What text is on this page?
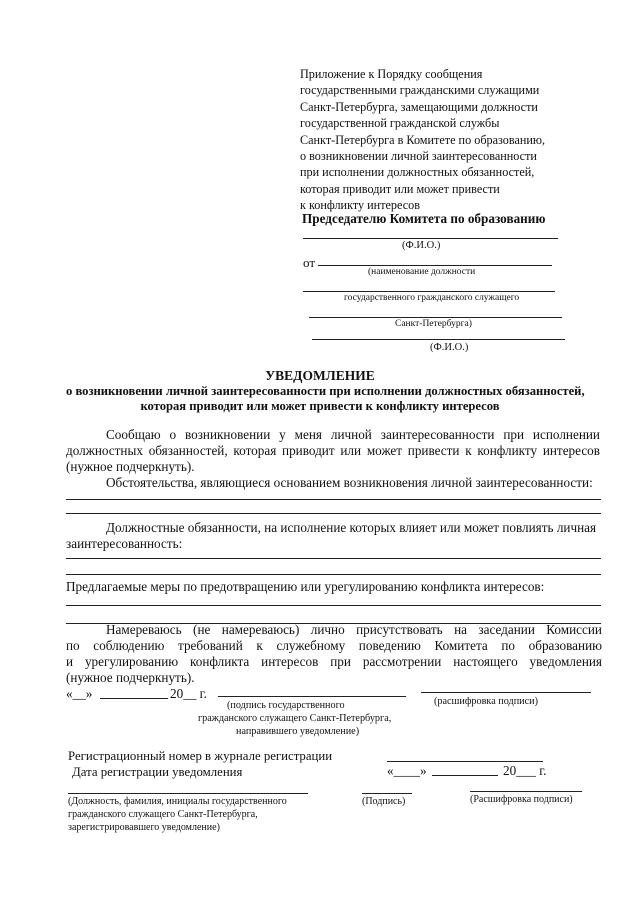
Приложение к Порядку сообщения
государственными гражданскими служащими
Санкт-Петербурга, замещающими должности
государственной гражданской службы
Санкт-Петербурга в Комитете по образованию,
о возникновении личной заинтересованности
при исполнении должностных обязанностей,
которая приводит или может привести
к конфликту интересов
Председателю Комитета по образованию
(Ф.И.О.)
от
(наименование должности
государственного гражданского служащего
Санкт-Петербурга)
(Ф.И.О.)
УВЕДОМЛЕНИЕ
о возникновении личной заинтересованности при исполнении должностных обязанностей,
которая приводит или может привести к конфликту интересов
Сообщаю о возникновении у меня личной заинтересованности при исполнении
должностных обязанностей, которая приводит или может привести к конфликту интересов
(нужное подчеркнуть).
Обстоятельства, являющиеся основанием возникновения личной заинтересованности:
Должностные обязанности, на исполнение которых влияет или может повлиять личная
заинтересованность:
Предлагаемые меры по предотвращению или урегулированию конфликта интересов:
Намереваюсь (не намереваюсь) лично присутствовать на заседании Комиссии
по соблюдению требований к служебному поведению Комитета по образованию
и урегулированию конфликта интересов при рассмотрении настоящего уведомления
(нужное подчеркнуть).
«__»	20__ г.
(подпись государственного
гражданского служащего Санкт-Петербурга,
направившего уведомление)
(расшифровка подписи)
Регистрационный номер в журнале регистрации
Дата регистрации уведомления	«____»	20___ г.
(Должность, фамилия, инициалы государственного
гражданского служащего Санкт-Петербурга,
зарегистрировавшего уведомление)
(Подпись)	(Расшифровка подписи)
